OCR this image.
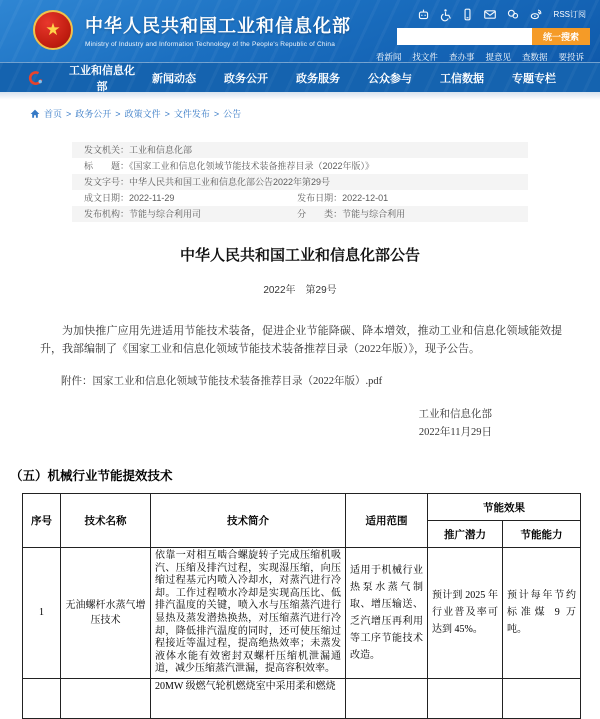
★
中华人民共和国工业和信息化部
Ministry of Industry and Information Technology of the People's Republic of China
RSS订阅
统一搜索
看新闻 找文件 查办事 提意见 查数据 要投诉
工业和信息化部
新闻动态	政务公开	政务服务	公众参与	工信数据	专题专栏
首页 > 政务公开 > 政策文件 > 文件发布 > 公告
发文机关：工业和信息化部
标　　题：《国家工业和信息化领域节能技术装备推荐目录（2022年版）》
发文字号：中华人民共和国工业和信息化部公告2022年第29号
成文日期：2022-11-29	发布日期：2022-12-01
发布机构：节能与综合利用司	分　　类：节能与综合利用
中华人民共和国工业和信息化部公告
2022年　第29号

为加快推广应用先进适用节能技术装备，促进企业节能降碳、降本增效，推动工业和信息化领域能效提升，我部编制了《国家工业和信息化领域节能技术装备推荐目录（2022年版）》，现予公告。

附件：国家工业和信息化领域节能技术装备推荐目录（2022年版）.pdf

工业和信息化部
2022年11月29日
（五）机械行业节能提效技术
序号	技术名称	技术简介	适用范围	节能效果	
				推广潜力	节能能力
1	无油螺杆水蒸气增压技术	依靠一对相互啮合螺旋转子完成压缩机吸汽、压缩及排汽过程，实现湿压缩，向压缩过程基元内喷入冷却水，对蒸汽进行冷却。工作过程喷水冷却是实现高压比、低排汽温度的关键，喷入水与压缩蒸汽进行显热及蒸发潜热换热，对压缩蒸汽进行冷却，降低排汽温度的同时，还可使压缩过程接近等温过程，提高绝热效率；未蒸发液体水能有效密封双螺杆压缩机泄漏通道，减少压缩蒸汽泄漏，提高容积效率。	适用于机械行业热泵水蒸气制取、增压输送、乏汽增压再利用等工序节能技术改造。	预计到 2025 年行业普及率可达到 45%。	预计每年节约标准煤 9 万吨。
		20MW 级燃气轮机燃烧室中采用柔和燃烧			
